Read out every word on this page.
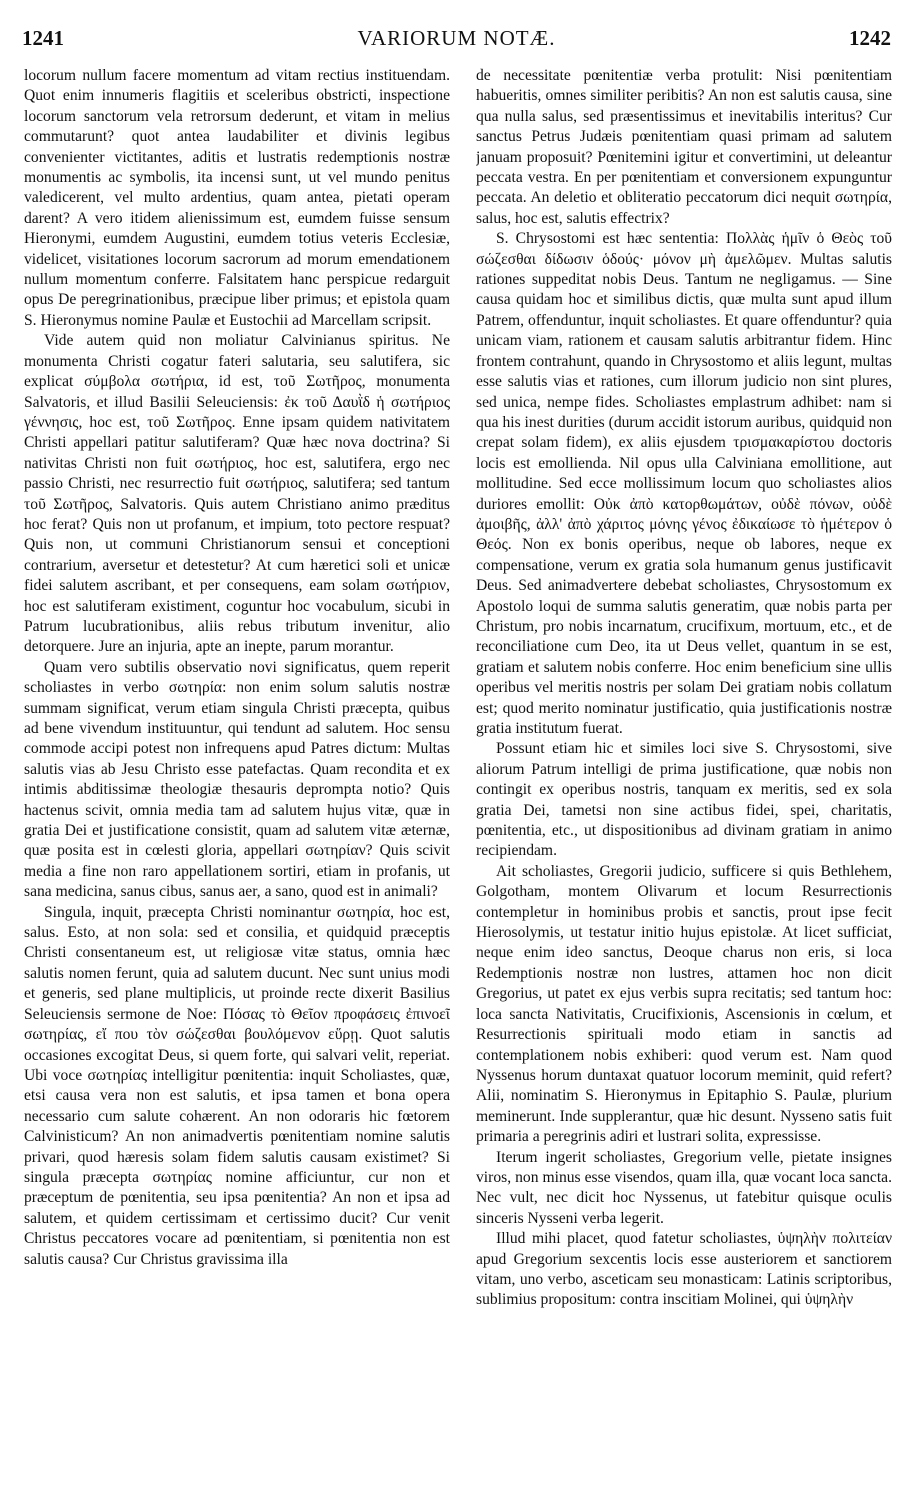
1241	VARIORUM NOTÆ.	1242

locorum nullum facere momentum ad vitam rectius instituendam. Quot enim innumeris flagitiis et sceleribus obstricti, inspectione locorum sanctorum vela retrorsum dederunt, et vitam in melius commutarunt? quot antea laudabiliter et divinis legibus convenienter victitantes, aditis et lustratis redemptionis nostræ monumentis ac symbolis, ita incensi sunt, ut vel mundo penitus valedicerent, vel multo ardentius, quam antea, pietati operam darent? A vero itidem alienissimum est, eumdem fuisse sensum Hieronymi, eumdem Augustini, eumdem totius veteris Ecclesiæ, videlicet, visitationes locorum sacrorum ad morum emendationem nullum momentum conferre. Falsitatem hanc perspicue redarguit opus De peregrinationibus, præcipue liber primus; et epistola quam S. Hieronymus nomine Paulæ et Eustochii ad Marcellam scripsit.

Vide autem quid non moliatur Calvinianus spiritus. Ne monumenta Christi cogatur fateri salutaria, seu salutifera, sic explicat σύμβολα σωτήρια, id est, τοῦ Σωτῆρος, monumenta Salvatoris, et illud Basilii Seleuciensis: ἐκ τοῦ Δαυῒδ ἡ σωτήριος γέννησις, hoc est, τοῦ Σωτῆρος. Enne ipsam quidem nativitatem Christi appellari patitur salutiferam? Quæ hæc nova doctrina? Si nativitas Christi non fuit σωτήριος, hoc est, salutifera, ergo nec passio Christi, nec resurrectio fuit σωτήριος, salutifera; sed tantum τοῦ Σωτῆρος, Salvatoris. Quis autem Christiano animo præditus hoc ferat? Quis non ut profanum, et impium, toto pectore respuat? Quis non, ut communi Christianorum sensui et conceptioni contrarium, aversetur et detestetur? At cum hæretici soli et unicæ fidei salutem ascribant, et per consequens, eam solam σωτήριον, hoc est salutiferam existiment, coguntur hoc vocabulum, sicubi in Patrum lucubrationibus, aliis rebus tributum invenitur, alio detorquere. Jure an injuria, apte an inepte, parum morantur.

Quam vero subtilis observatio novi significatus, quem reperit scholiastes in verbo σωτηρία: non enim solum salutis nostræ summam significat, verum etiam singula Christi præcepta, quibus ad bene vivendum instituuntur, qui tendunt ad salutem. Hoc sensu commode accipi potest non infrequens apud Patres dictum: Multas salutis vias ab Jesu Christo esse patefactas. Quam recondita et ex intimis abditissimæ theologiæ thesauris deprompta notio? Quis hactenus scivit, omnia media tam ad salutem hujus vitæ, quæ in gratia Dei et justificatione consistit, quam ad salutem vitæ æternæ, quæ posita est in cœlesti gloria, appellari σωτηρίαν? Quis scivit media a fine non raro appellationem sortiri, etiam in profanis, ut sana medicina, sanus cibus, sanus aer, a sano, quod est in animali?

Singula, inquit, præcepta Christi nominantur σωτηρία, hoc est, salus. Esto, at non sola: sed et consilia, et quidquid præceptis Christi consentaneum est, ut religiosæ vitæ status, omnia hæc salutis nomen ferunt, quia ad salutem ducunt. Nec sunt unius modi et generis, sed plane multiplicis, ut proinde recte dixerit Basilius Seleuciensis sermone de Noe: Πόσας τὸ Θεῖον προφάσεις ἐπινοεῖ σωτηρίας, εἴ που τὸν σώζεσθαι βουλόμενον εὕρῃ. Quot salutis occasiones excogitat Deus, si quem forte, qui salvari velit, reperiat. Ubi voce σωτηρίας intelligitur pœnitentia: inquit Scholiastes, quæ, etsi causa vera non est salutis, et ipsa tamen et bona opera necessario cum salute cohærent. An non odoraris hic fœtorem Calvinisticum? An non animadvertis pœnitentiam nomine salutis privari, quod hæresis solam fidem salutis causam existimet? Si singula præcepta σωτηρίας nomine afficiuntur, cur non et præceptum de pœnitentia, seu ipsa pœnitentia? An non et ipsa ad salutem, et quidem certissimam et certissimo ducit? Cur venit Christus peccatores vocare ad pœnitentiam, si pœnitentia non est salutis causa? Cur Christus gravissima illa

de necessitate pœnitentiæ verba protulit: Nisi pœnitentiam habueritis, omnes similiter peribitis? An non est salutis causa, sine qua nulla salus, sed præsentissimus et inevitabilis interitus? Cur sanctus Petrus Judæis pœnitentiam quasi primam ad salutem januam proposuit? Pœnitemini igitur et convertimini, ut deleantur peccata vestra. En per pœnitentiam et conversionem expunguntur peccata. An deletio et obliteratio peccatorum dici nequit σωτηρία, salus, hoc est, salutis effectrix?

S. Chrysostomi est hæc sententia: Πολλὰς ἡμῖν ὁ Θεὸς τοῦ σώζεσθαι δίδωσιν ὁδούς· μόνον μὴ ἀμελῶμεν. Multas salutis rationes suppeditat nobis Deus. Tantum ne negligamus. — Sine causa quidam hoc et similibus dictis, quæ multa sunt apud illum Patrem, offenduntur, inquit scholiastes. Et quare offenduntur? quia unicam viam, rationem et causam salutis arbitrantur fidem. Hinc frontem contrahunt, quando in Chrysostomo et aliis legunt, multas esse salutis vias et rationes, cum illorum judicio non sint plures, sed unica, nempe fides. Scholiastes emplastrum adhibet: nam si qua his inest durities (durum accidit istorum auribus, quidquid non crepat solam fidem), ex aliis ejusdem τρισμακαρίστου doctoris locis est emollienda. Nil opus ulla Calviniana emollitione, aut mollitudine. Sed ecce mollissimum locum quo scholiastes alios duriores emollit: Οὐκ ἀπὸ κατορθωμάτων, οὐδὲ πόνων, οὐδὲ ἀμοιβῆς, ἀλλ' ἀπὸ χάριτος μόνης γένος ἐδικαίωσε τὸ ἡμέτερον ὁ Θεός. Non ex bonis operibus, neque ob labores, neque ex compensatione, verum ex gratia sola humanum genus justificavit Deus. Sed animadvertere debebat scholiastes, Chrysostomum ex Apostolo loqui de summa salutis generatim, quæ nobis parta per Christum, pro nobis incarnatum, crucifixum, mortuum, etc., et de reconciliatione cum Deo, ita ut Deus vellet, quantum in se est, gratiam et salutem nobis conferre. Hoc enim beneficium sine ullis operibus vel meritis nostris per solam Dei gratiam nobis collatum est; quod merito nominatur justificatio, quia justificationis nostræ gratia institutum fuerat.

Possunt etiam hic et similes loci sive S. Chrysostomi, sive aliorum Patrum intelligi de prima justificatione, quæ nobis non contingit ex operibus nostris, tanquam ex meritis, sed ex sola gratia Dei, tametsi non sine actibus fidei, spei, charitatis, pœnitentia, etc., ut dispositionibus ad divinam gratiam in animo recipiendam.

Ait scholiastes, Gregorii judicio, sufficere si quis Bethlehem, Golgotham, montem Olivarum et locum Resurrectionis contempletur in hominibus probis et sanctis, prout ipse fecit Hierosolymis, ut testatur initio hujus epistolæ. At licet sufficiat, neque enim ideo sanctus, Deoque charus non eris, si loca Redemptionis nostræ non lustres, attamen hoc non dicit Gregorius, ut patet ex ejus verbis supra recitatis; sed tantum hoc: loca sancta Nativitatis, Crucifixionis, Ascensionis in cœlum, et Resurrectionis spirituali modo etiam in sanctis ad contemplationem nobis exhiberi: quod verum est. Nam quod Nyssenus horum duntaxat quatuor locorum meminit, quid refert? Alii, nominatim S. Hieronymus in Epitaphio S. Paulæ, plurium meminerunt. Inde supplerantur, quæ hic desunt. Nysseno satis fuit primaria a peregrinis adiri et lustrari solita, expressisse.

Iterum ingerit scholiastes, Gregorium velle, pietate insignes viros, non minus esse visendos, quam illa, quæ vocant loca sancta. Nec vult, nec dicit hoc Nyssenus, ut fatebitur quisque oculis sinceris Nysseni verba legerit.

Illud mihi placet, quod fatetur scholiastes, ὑψηλὴν πολιτείαν apud Gregorium sexcentis locis esse austeriorem et sanctiorem vitam, uno verbo, asceticam seu monasticam: Latinis scriptoribus, sublimius propositum: contra inscitiam Molinei, qui ὑψηλὴν
